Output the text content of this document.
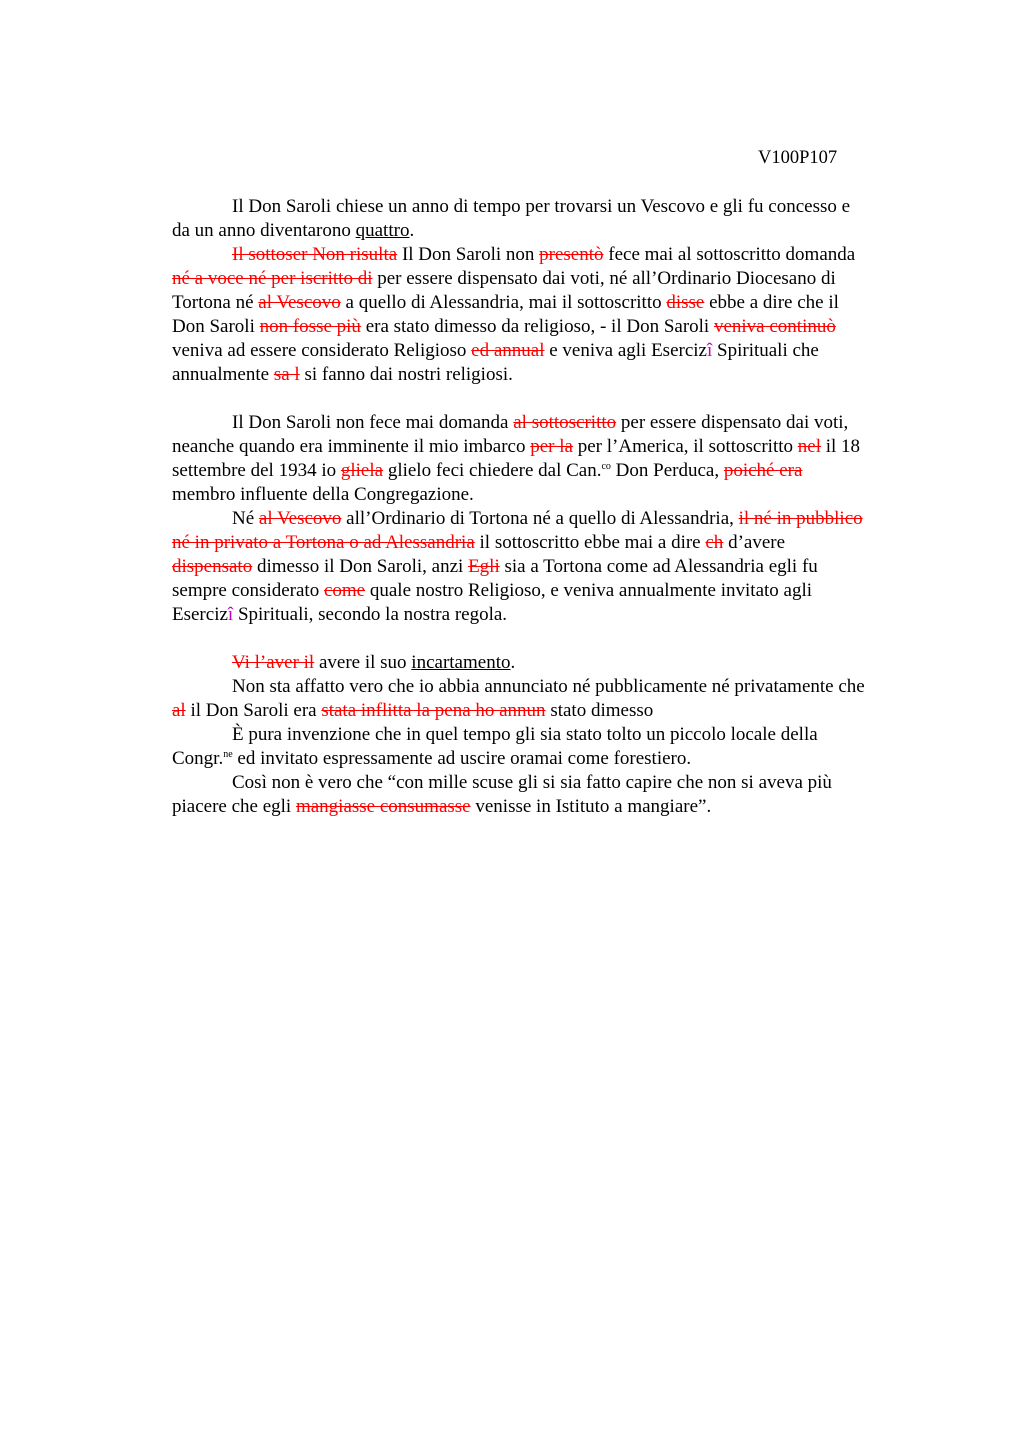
V100P107
Il Don Saroli chiese un anno di tempo per trovarsi un Vescovo e gli fu concesso e
da un anno diventarono quattro.
Il sottoser Non risulta Il Don Saroli non presentò fece mai al sottoscritto domanda
né a voce né per iscritto di per essere dispensato dai voti, né all’Ordinario Diocesano di
Tortona né al Vescovo a quello di Alessandria, mai il sottoscritto disse ebbe a dire che il
Don Saroli non fosse più era stato dimesso da religioso, - il Don Saroli veniva continuò
veniva ad essere considerato Religioso ed annual e veniva agli Esercizî Spirituali che
annualmente sa l si fanno dai nostri religiosi.
Il Don Saroli non fece mai domanda al sottoscritto per essere dispensato dai voti,
neanche quando era imminente il mio imbarco per la per l’America, il sottoscritto nel il 18
settembre del 1934 io gliela glielo feci chiedere dal Can.$^{co}$ Don Perduca, poiché era
membro influente della Congregazione.
Né al Vescovo all’Ordinario di Tortona né a quello di Alessandria, il né in pubblico
né in privato a Tortona o ad Alessandria il sottoscritto ebbe mai a dire ch d’avere
dispensato dimesso il Don Saroli, anzi Egli sia a Tortona come ad Alessandria egli fu
sempre considerato come quale nostro Religioso, e veniva annualmente invitato agli
Esercizî Spirituali, secondo la nostra regola.
Vi l’aver il avere il suo incartamento.
Non sta affatto vero che io abbia annunciato né pubblicamente né privatamente che
al il Don Saroli era stata inflitta la pena ho annun stato dimesso
È pura invenzione che in quel tempo gli sia stato tolto un piccolo locale della
Congr.$^{ne}$ ed invitato espressamente ad uscire oramai come forestiero.
Così non è vero che “con mille scuse gli si sia fatto capire che non si aveva più
piacere che egli mangiasse consumasse venisse in Istituto a mangiare”.
